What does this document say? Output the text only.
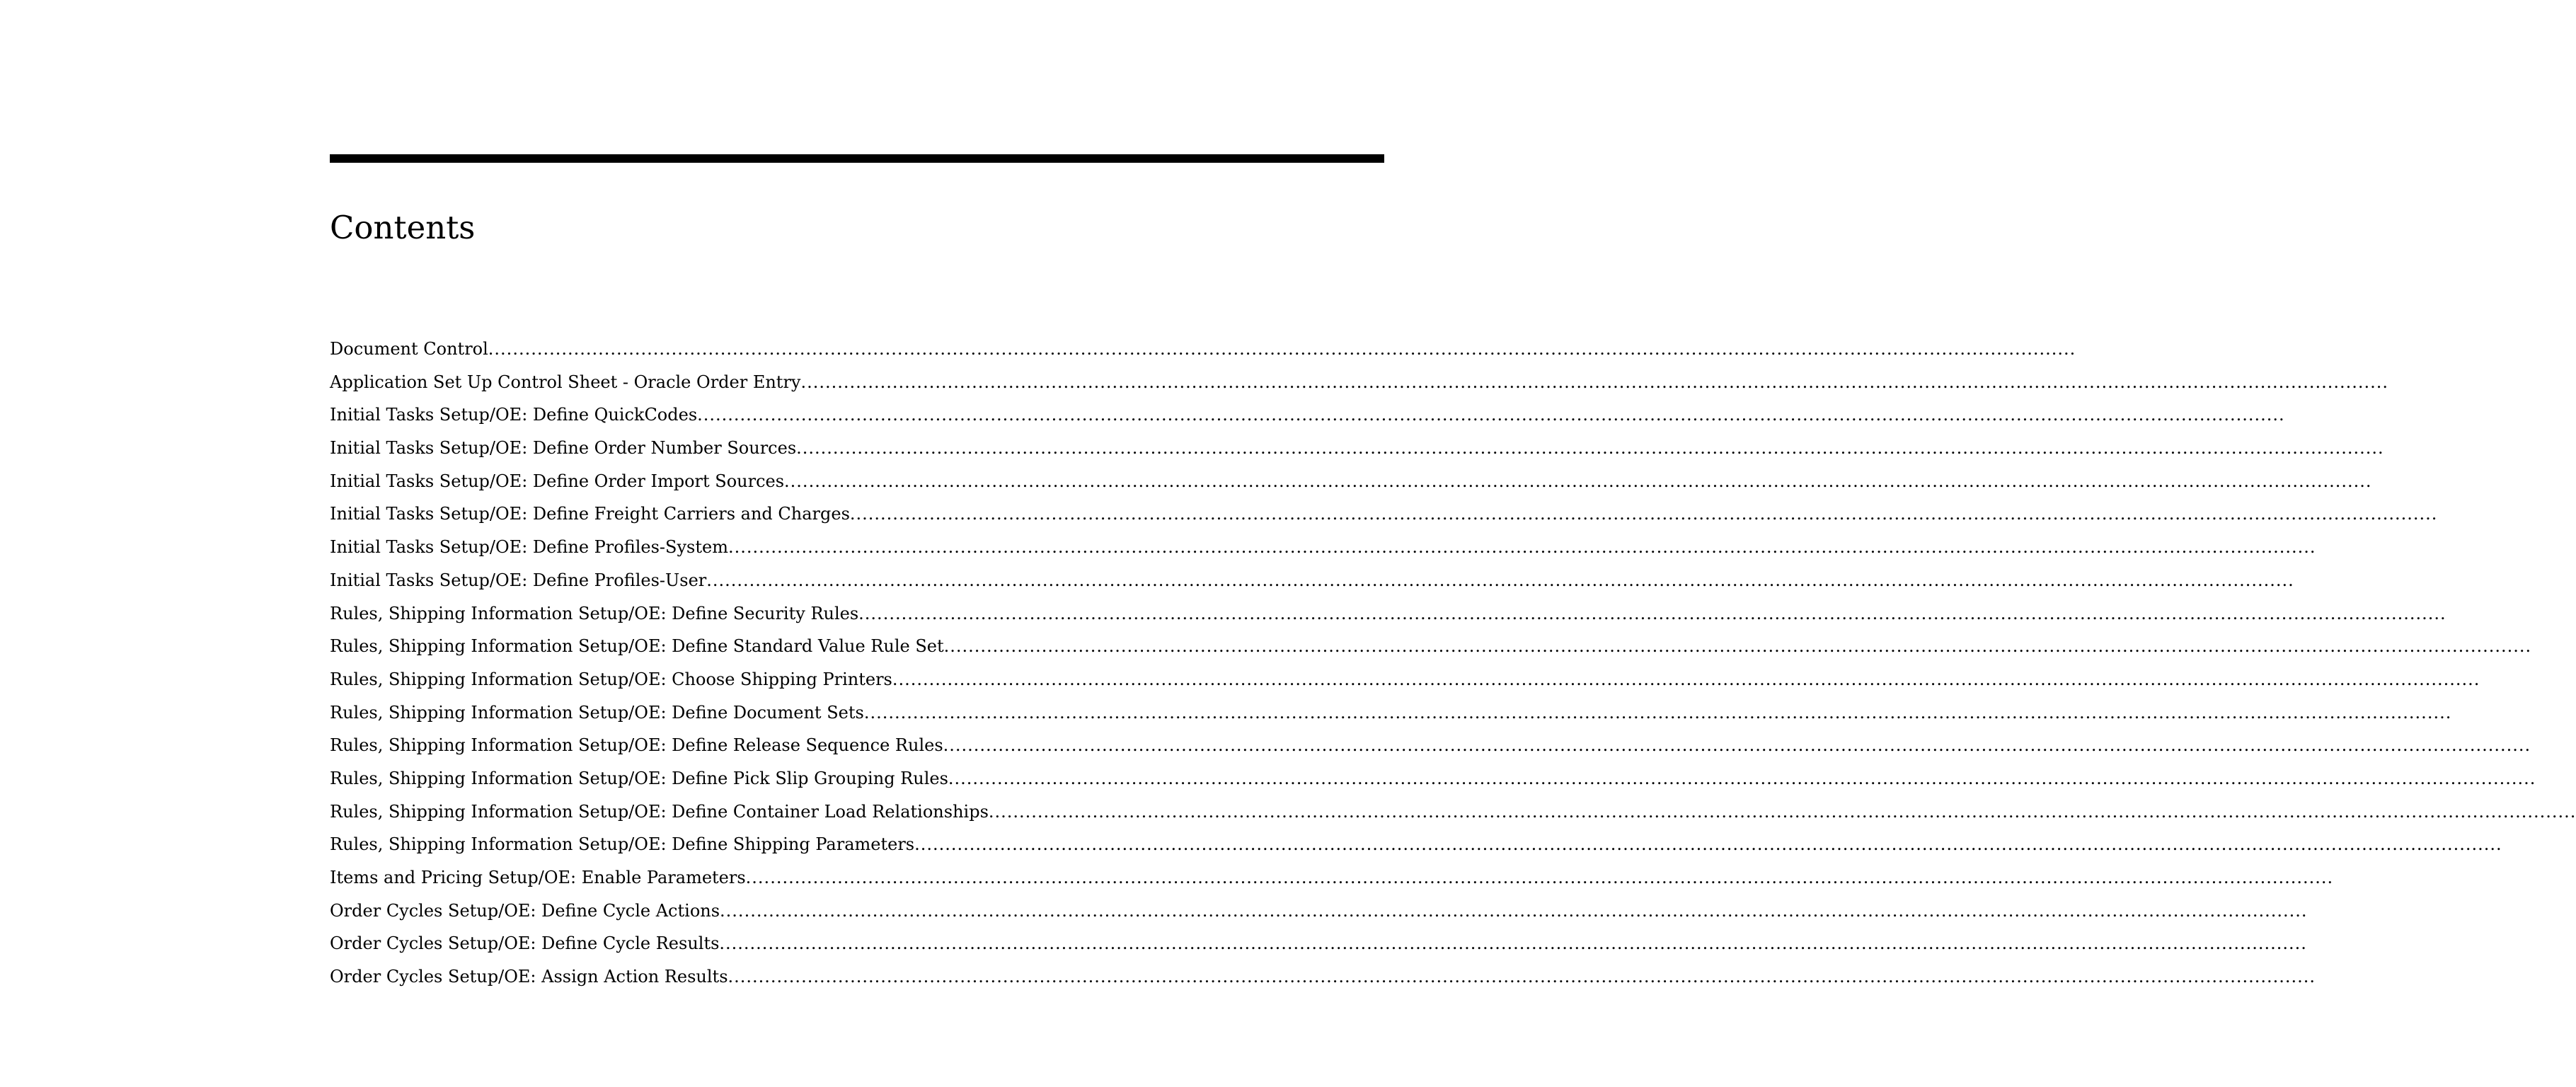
Contents
Document Control ....................................................................................................................................................................................................................................................................
Application Set Up Control Sheet - Oracle Order Entry ....................................................................................................................................................................................................................................................................
Initial Tasks Setup/OE: Define QuickCodes ....................................................................................................................................................................................................................................................................
Initial Tasks Setup/OE: Define Order Number Sources ....................................................................................................................................................................................................................................................................
Initial Tasks Setup/OE: Define Order Import Sources ....................................................................................................................................................................................................................................................................
Initial Tasks Setup/OE: Define Freight Carriers and Charges ....................................................................................................................................................................................................................................................................
Initial Tasks Setup/OE: Define Profiles-System ....................................................................................................................................................................................................................................................................
Initial Tasks Setup/OE: Define Profiles-User ....................................................................................................................................................................................................................................................................
Rules, Shipping Information Setup/OE: Define Security Rules ....................................................................................................................................................................................................................................................................
Rules, Shipping Information Setup/OE: Define Standard Value Rule Set ....................................................................................................................................................................................................................................................................
Rules, Shipping Information Setup/OE: Choose Shipping Printers ....................................................................................................................................................................................................................................................................
Rules, Shipping Information Setup/OE: Define Document Sets ....................................................................................................................................................................................................................................................................
Rules, Shipping Information Setup/OE: Define Release Sequence Rules ....................................................................................................................................................................................................................................................................
Rules, Shipping Information Setup/OE: Define Pick Slip Grouping Rules ....................................................................................................................................................................................................................................................................
Rules, Shipping Information Setup/OE: Define Container Load Relationships ....................................................................................................................................................................................................................................................................
Rules, Shipping Information Setup/OE: Define Shipping Parameters ....................................................................................................................................................................................................................................................................
Items and Pricing Setup/OE: Enable Parameters ....................................................................................................................................................................................................................................................................
Order Cycles Setup/OE: Define Cycle Actions ....................................................................................................................................................................................................................................................................
Order Cycles Setup/OE: Define Cycle Results ....................................................................................................................................................................................................................................................................
Order Cycles Setup/OE: Assign Action Results ....................................................................................................................................................................................................................................................................
